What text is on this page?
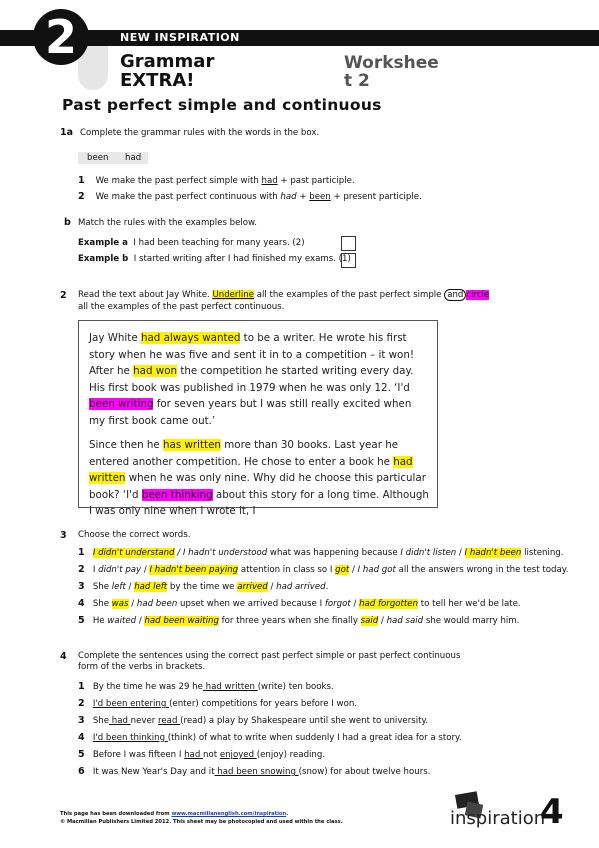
2	NEW INSPIRATION
Grammar
EXTRA!
Workshee
t 2
Past perfect simple and continuous
1a Complete the grammar rules with the words in the box.
been had
1 We make the past perfect simple with had + past participle.
2 We make the past perfect continuous with had + been + present participle.
b Match the rules with the examples below.
Example a I had been teaching for many years. (2)
Example b I started writing after I had finished my exams. (1)
2 Read the text about Jay White. Underline all the examples of the past perfect simple and circle
all the examples of the past perfect continuous.

Jay White had always wanted to be a writer. He wrote his first story when he was five and sent it in to a competition – it won! After he had won the competition he started writing every day. His first book was published in 1979 when he was only 12. ‘I'd been writing for seven years but I was still really excited when my first book came out.’

Since then he has written more than 30 books. Last year he entered another competition. He chose to enter a book he had written when he was only nine. Why did he choose this particular book? ‘I'd been thinking about this story for a long time. Although I was only nine when I wrote it, I

3 Choose the correct words.
1 I didn't understand / I hadn't understood what was happening because I didn't listen / I hadn't been listening.
2 I didn't pay / I hadn't been paying attention in class so I got / I had got all the answers wrong in the test today.
3 She left / had left by the time we arrived / had arrived.
4 She was / had been upset when we arrived because I forgot / had forgotten to tell her we'd be late.
5 He waited / had been waiting for three years when she finally said / had said she would marry him.
4 Complete the sentences using the correct past perfect simple or past perfect continuous
form of the verbs in brackets.
1 By the time he was 29 he had written (write) ten books.
2 I'd been entering (enter) competitions for years before I won.
3 She had never read (read) a play by Shakespeare until she went to university.
4 I'd been thinking (think) of what to write when suddenly I had a great idea for a story.
5 Before I was fifteen I had not enjoyed (enjoy) reading.
6 It was New Year's Day and it had been snowing (snow) for about twelve hours.
This page has been downloaded from www.macmillanenglish.com/inspiration.
© Macmillan Publishers Limited 2012. This sheet may be photocopied and used within the class.	inspiration
4
